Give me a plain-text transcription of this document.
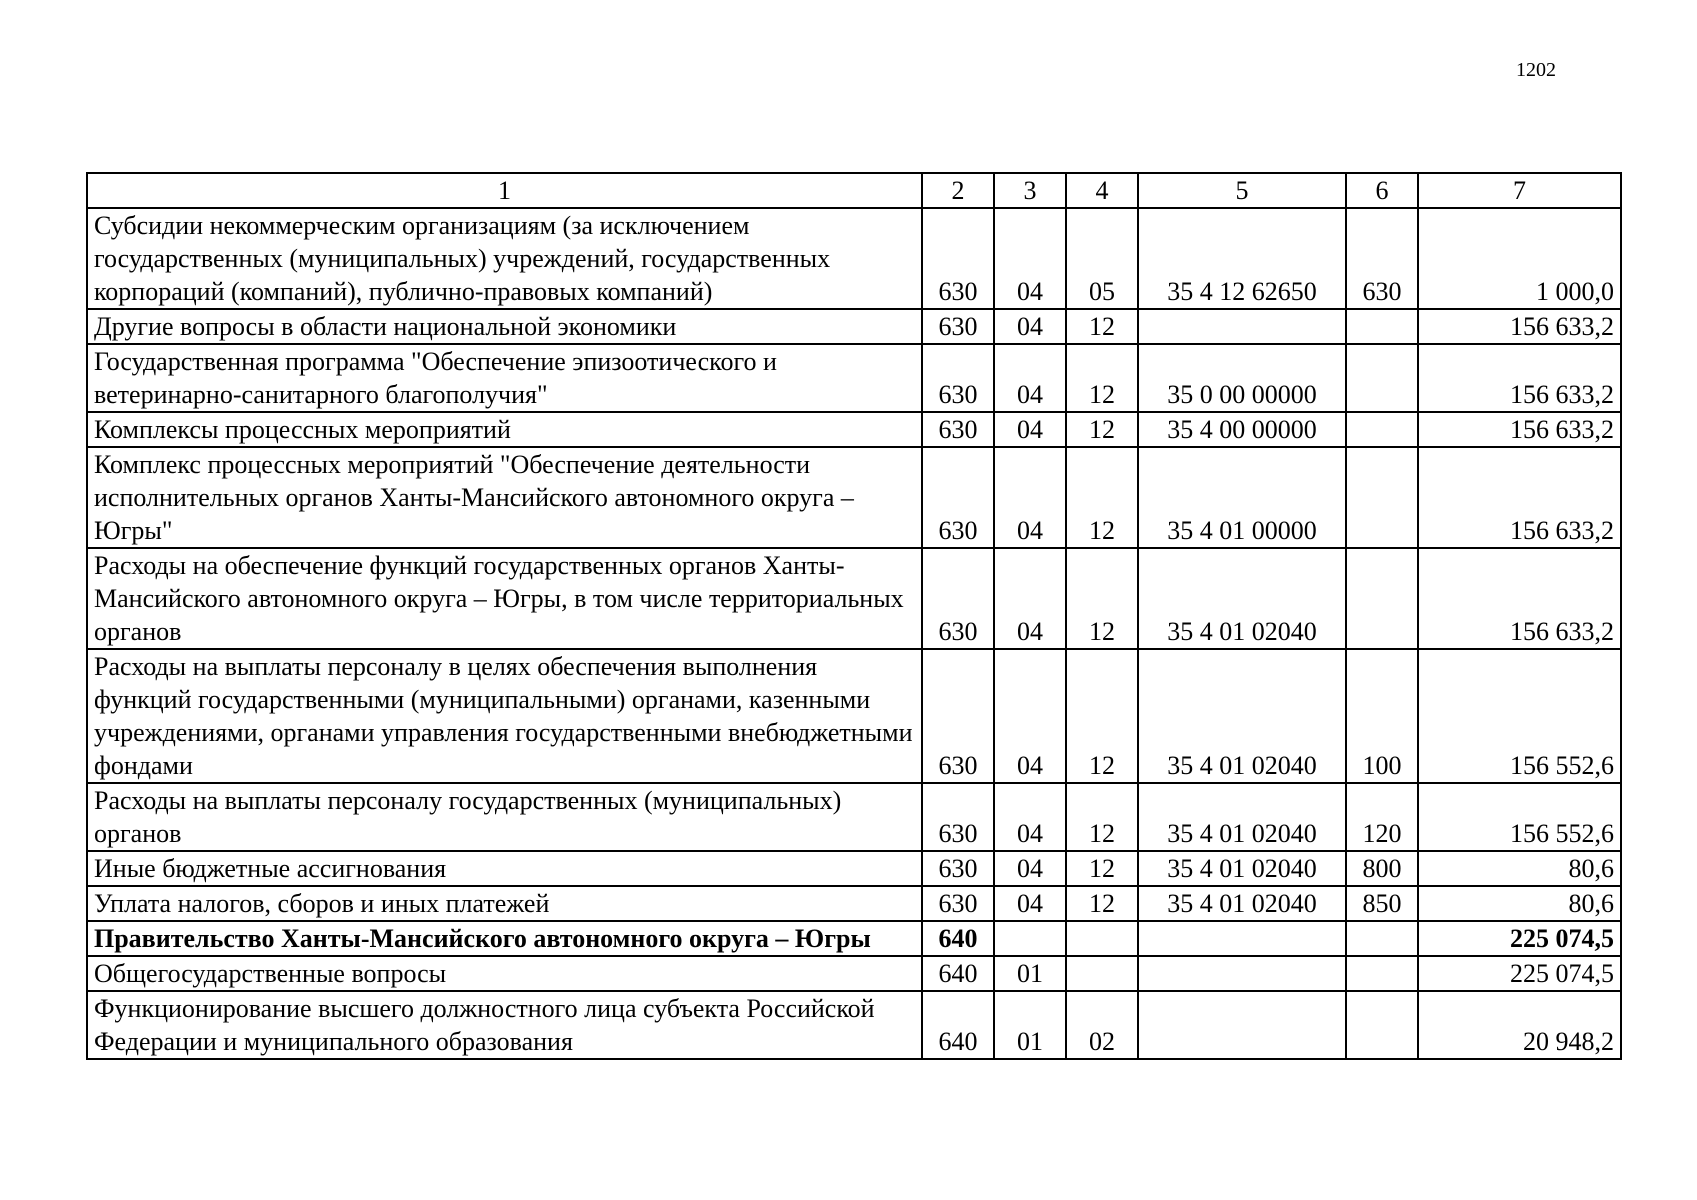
1202
1	2	3	4	5	6	7
Субсидии некоммерческим организациям (за исключением государственных (муниципальных) учреждений, государственных корпораций (компаний), публично-правовых компаний)	630	04	05	35 4 12 62650	630	1 000,0
Другие вопросы в области национальной экономики	630	04	12			156 633,2
Государственная программа "Обеспечение эпизоотического и ветеринарно-санитарного благополучия"	630	04	12	35 0 00 00000		156 633,2
Комплексы процессных мероприятий	630	04	12	35 4 00 00000		156 633,2
Комплекс процессных мероприятий "Обеспечение деятельности исполнительных органов Ханты-Мансийского автономного округа – Югры"	630	04	12	35 4 01 00000		156 633,2
Расходы на обеспечение функций государственных органов Ханты-Мансийского автономного округа – Югры, в том числе территориальных органов	630	04	12	35 4 01 02040		156 633,2
Расходы на выплаты персоналу в целях обеспечения выполнения функций государственными (муниципальными) органами, казенными учреждениями, органами управления государственными внебюджетными фондами	630	04	12	35 4 01 02040	100	156 552,6
Расходы на выплаты персоналу государственных (муниципальных) органов	630	04	12	35 4 01 02040	120	156 552,6
Иные бюджетные ассигнования	630	04	12	35 4 01 02040	800	80,6
Уплата налогов, сборов и иных платежей	630	04	12	35 4 01 02040	850	80,6
Правительство Ханты-Мансийского автономного округа – Югры	640					225 074,5
Общегосударственные вопросы	640	01				225 074,5
Функционирование высшего должностного лица субъекта Российской Федерации и муниципального образования	640	01	02			20 948,2
